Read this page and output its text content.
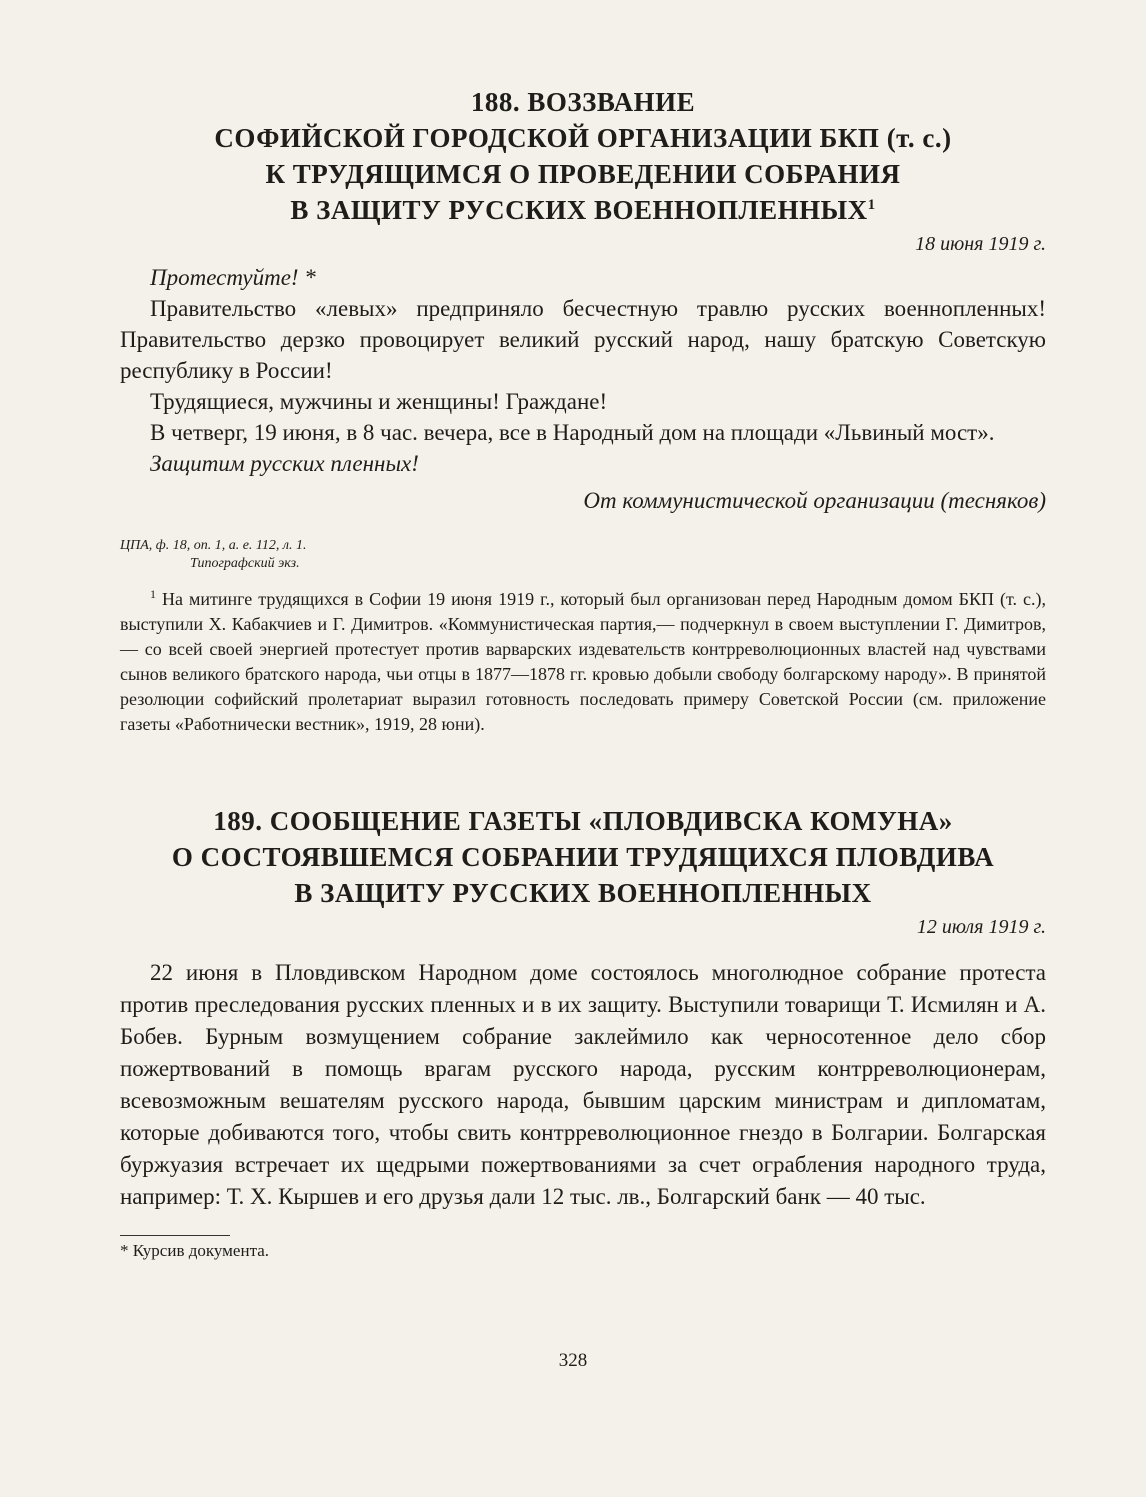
188. ВОЗЗВАНИЕ
СОФИЙСКОЙ ГОРОДСКОЙ ОРГАНИЗАЦИИ БКП (т. с.)
К ТРУДЯЩИМСЯ О ПРОВЕДЕНИИ СОБРАНИЯ
В ЗАЩИТУ РУССКИХ ВОЕННОПЛЕННЫХ$^1$
18 июня 1919 г.

Протестуйте! *

Правительство «левых» предприняло бесчестную травлю русских военнопленных! Правительство дерзко провоцирует великий русский народ, нашу братскую Советскую республику в России!

Трудящиеся, мужчины и женщины! Граждане!

В четверг, 19 июня, в 8 час. вечера, все в Народный дом на площади «Львиный мост».

Защитим русских пленных!

От коммунистической организации (тесняков)

ЦПА, ф. 18, оп. 1, а. е. 112, л. 1.
Типографский экз.

$^1$ На митинге трудящихся в Софии 19 июня 1919 г., который был организован перед Народным домом БКП (т. с.), выступили Х. Кабакчиев и Г. Димитров. «Коммунистическая партия,— подчеркнул в своем выступлении Г. Димитров,— со всей своей энергией протестует против варварских издевательств контрреволюционных властей над чувствами сынов великого братского народа, чьи отцы в 1877—1878 гг. кровью добыли свободу болгарскому народу». В принятой резолюции софийский пролетариат выразил готовность последовать примеру Советской России (см. приложение газеты «Работнически вестник», 1919, 28 юни).

189. СООБЩЕНИЕ ГАЗЕТЫ «ПЛОВДИВСКА КОМУНА»
О СОСТОЯВШЕМСЯ СОБРАНИИ ТРУДЯЩИХСЯ ПЛОВДИВА
В ЗАЩИТУ РУССКИХ ВОЕННОПЛЕННЫХ
12 июля 1919 г.

22 июня в Пловдивском Народном доме состоялось многолюдное собрание протеста против преследования русских пленных и в их защиту. Выступили товарищи Т. Исмилян и А. Бобев. Бурным возмущением собрание заклеймило как черносотенное дело сбор пожертвований в помощь врагам русского народа, русским контрреволюционерам, всевозможным вешателям русского народа, бывшим царским министрам и дипломатам, которые добиваются того, чтобы свить контрреволюционное гнездо в Болгарии. Болгарская буржуазия встречает их щедрыми пожертвованиями за счет ограбления народного труда, например: Т. Х. Кыршев и его друзья дали 12 тыс. лв., Болгарский банк — 40 тыс.

* Курсив документа.

328
